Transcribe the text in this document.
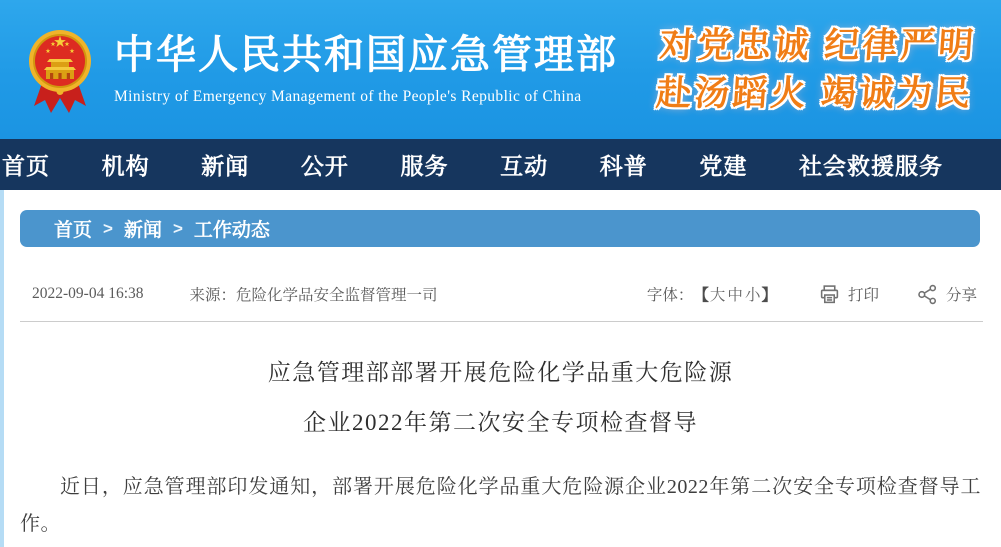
中华人民共和国应急管理部
Ministry of Emergency Management of the People's Republic of China
对党忠诚 纪律严明
赴汤蹈火 竭诚为民
首页 机构 新闻 公开 服务 互动 科普 党建 社会救援服务
首页 > 新闻 > 工作动态
2022-09-04 16:38	来源：危险化学品安全监督管理一司	字体： 【 大 中 小 】	打印	分享
应急管理部部署开展危险化学品重大危险源
企业2022年第二次安全专项检查督导

近日，应急管理部印发通知，部署开展危险化学品重大危险源企业2022年第二次安全专项检查督导工作。
